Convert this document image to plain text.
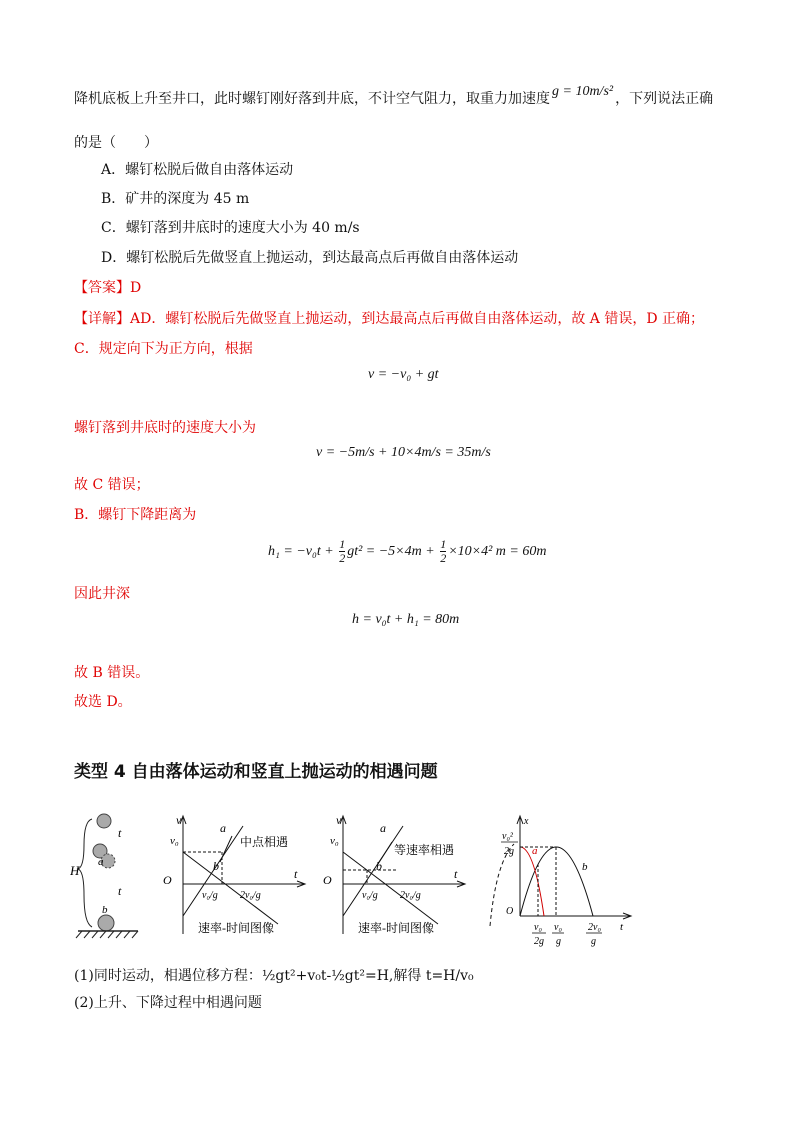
降机底板上升至井口，此时螺钉刚好落到井底，不计空气阻力，取重力加速度 g = 10m/s² ，下列说法正确
的是（　　）
A．螺钉松脱后做自由落体运动
B．矿井的深度为 45 m
C．螺钉落到井底时的速度大小为 40 m/s
D．螺钉松脱后先做竖直上抛运动，到达最高点后再做自由落体运动
【答案】D
【详解】AD．螺钉松脱后先做竖直上抛运动，到达最高点后再做自由落体运动，故 A 错误，D 正确；
C．规定向下为正方向，根据
v = −v₀ + gt
螺钉落到井底时的速度大小为
v = −5m/s + 10×4m/s = 35m/s
故 C 错误；
B．螺钉下降距离为
$h_1 = -v_0t + \frac{1}{2} gt^2 = -5\times 4m + \frac{1}{2} \times 10\times 4^2$ m = 60m
因此井深
h = v₀t + h₁ = 80m
故 B 错误。
故选 D。
类型 4 自由落体运动和竖直上抛运动的相遇问题
H
t
t
a
b
v
v₀
O	t
a
b
v₀/g 2v₀/g
中点相遇
速率-时间图像
v
v₀
O	t
a
b
v₀/g 2v₀/g
等速率相遇
速率-时间图像
x
O
t
a
b
v₀²
2g
v₀
2g
v₀
g
2v₀
g
(1)同时运动，相遇位移方程：½gt²+v₀t-½gt²=H,解得 t=H/v₀
(2)上升、下降过程中相遇问题
